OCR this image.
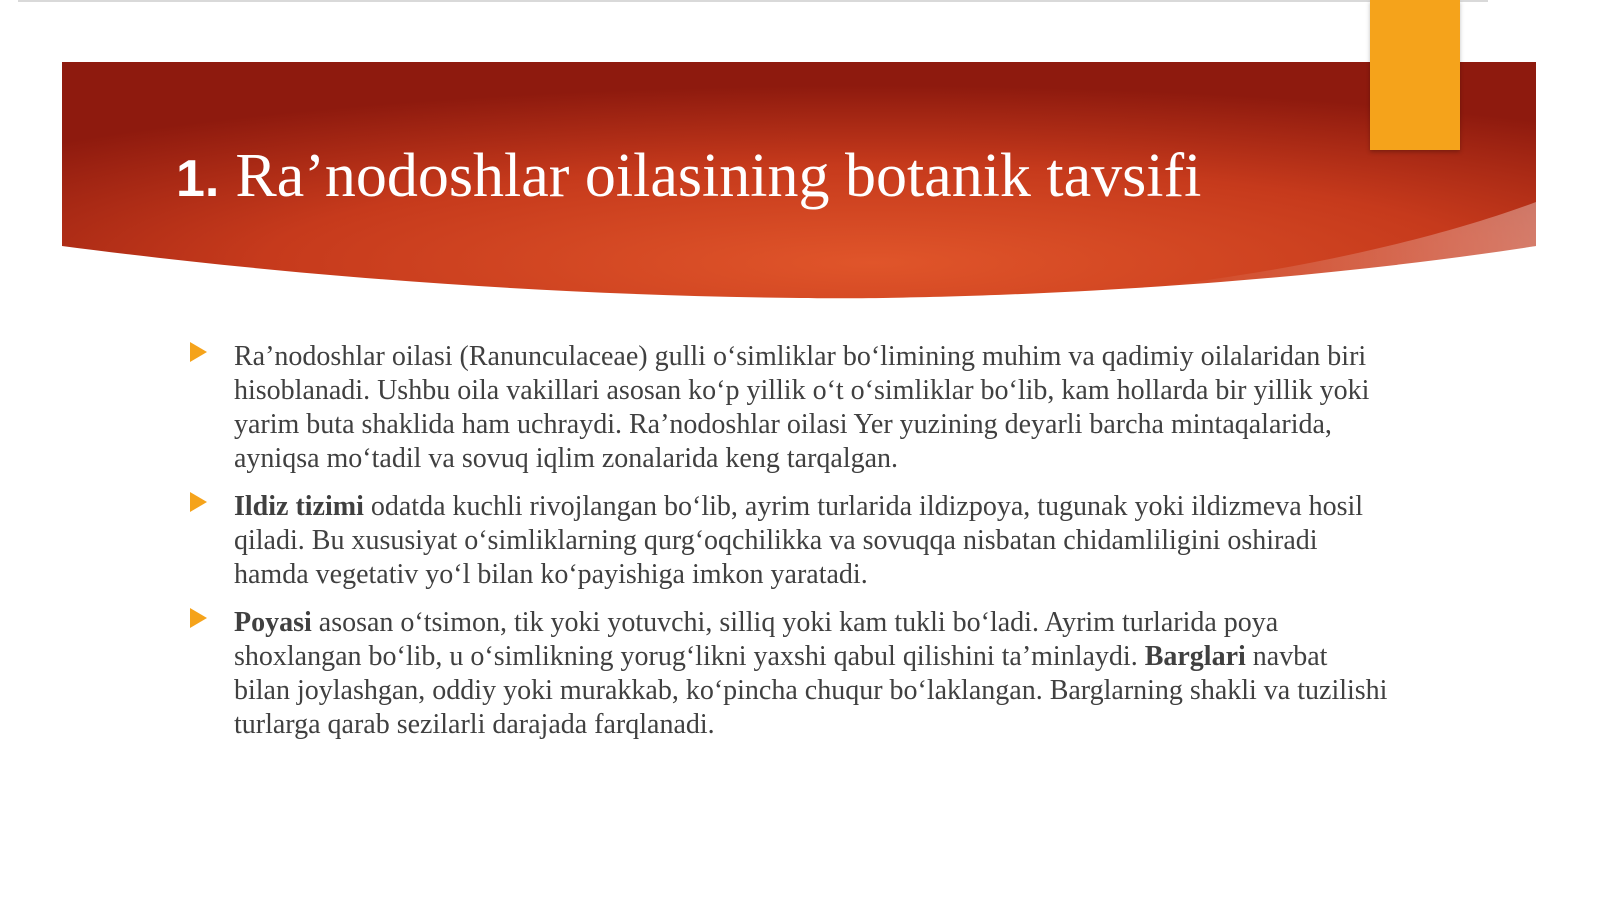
1. Ra’nodoshlar oilasining botanik tavsifi
Ra’nodoshlar oilasi (Ranunculaceae) gulli o‘simliklar bo‘limining muhim va qadimiy oilalaridan biri hisoblanadi. Ushbu oila vakillari asosan ko‘p yillik o‘t o‘simliklar bo‘lib, kam hollarda bir yillik yoki yarim buta shaklida ham uchraydi. Ra’nodoshlar oilasi Yer yuzining deyarli barcha mintaqalarida, ayniqsa mo‘tadil va sovuq iqlim zonalarida keng tarqalgan.
Ildiz tizimi odatda kuchli rivojlangan bo‘lib, ayrim turlarida ildizpoya, tugunak yoki ildizmeva hosil qiladi. Bu xususiyat o‘simliklarning qurg‘oqchilikka va sovuqqa nisbatan chidamliligini oshiradi hamda vegetativ yo‘l bilan ko‘payishiga imkon yaratadi.
Poyasi asosan o‘tsimon, tik yoki yotuvchi, silliq yoki kam tukli bo‘ladi. Ayrim turlarida poya shoxlangan bo‘lib, u o‘simlikning yorug‘likni yaxshi qabul qilishini ta’minlaydi. Barglari navbat bilan joylashgan, oddiy yoki murakkab, ko‘pincha chuqur bo‘laklangan. Barglarning shakli va tuzilishi turlarga qarab sezilarli darajada farqlanadi.
